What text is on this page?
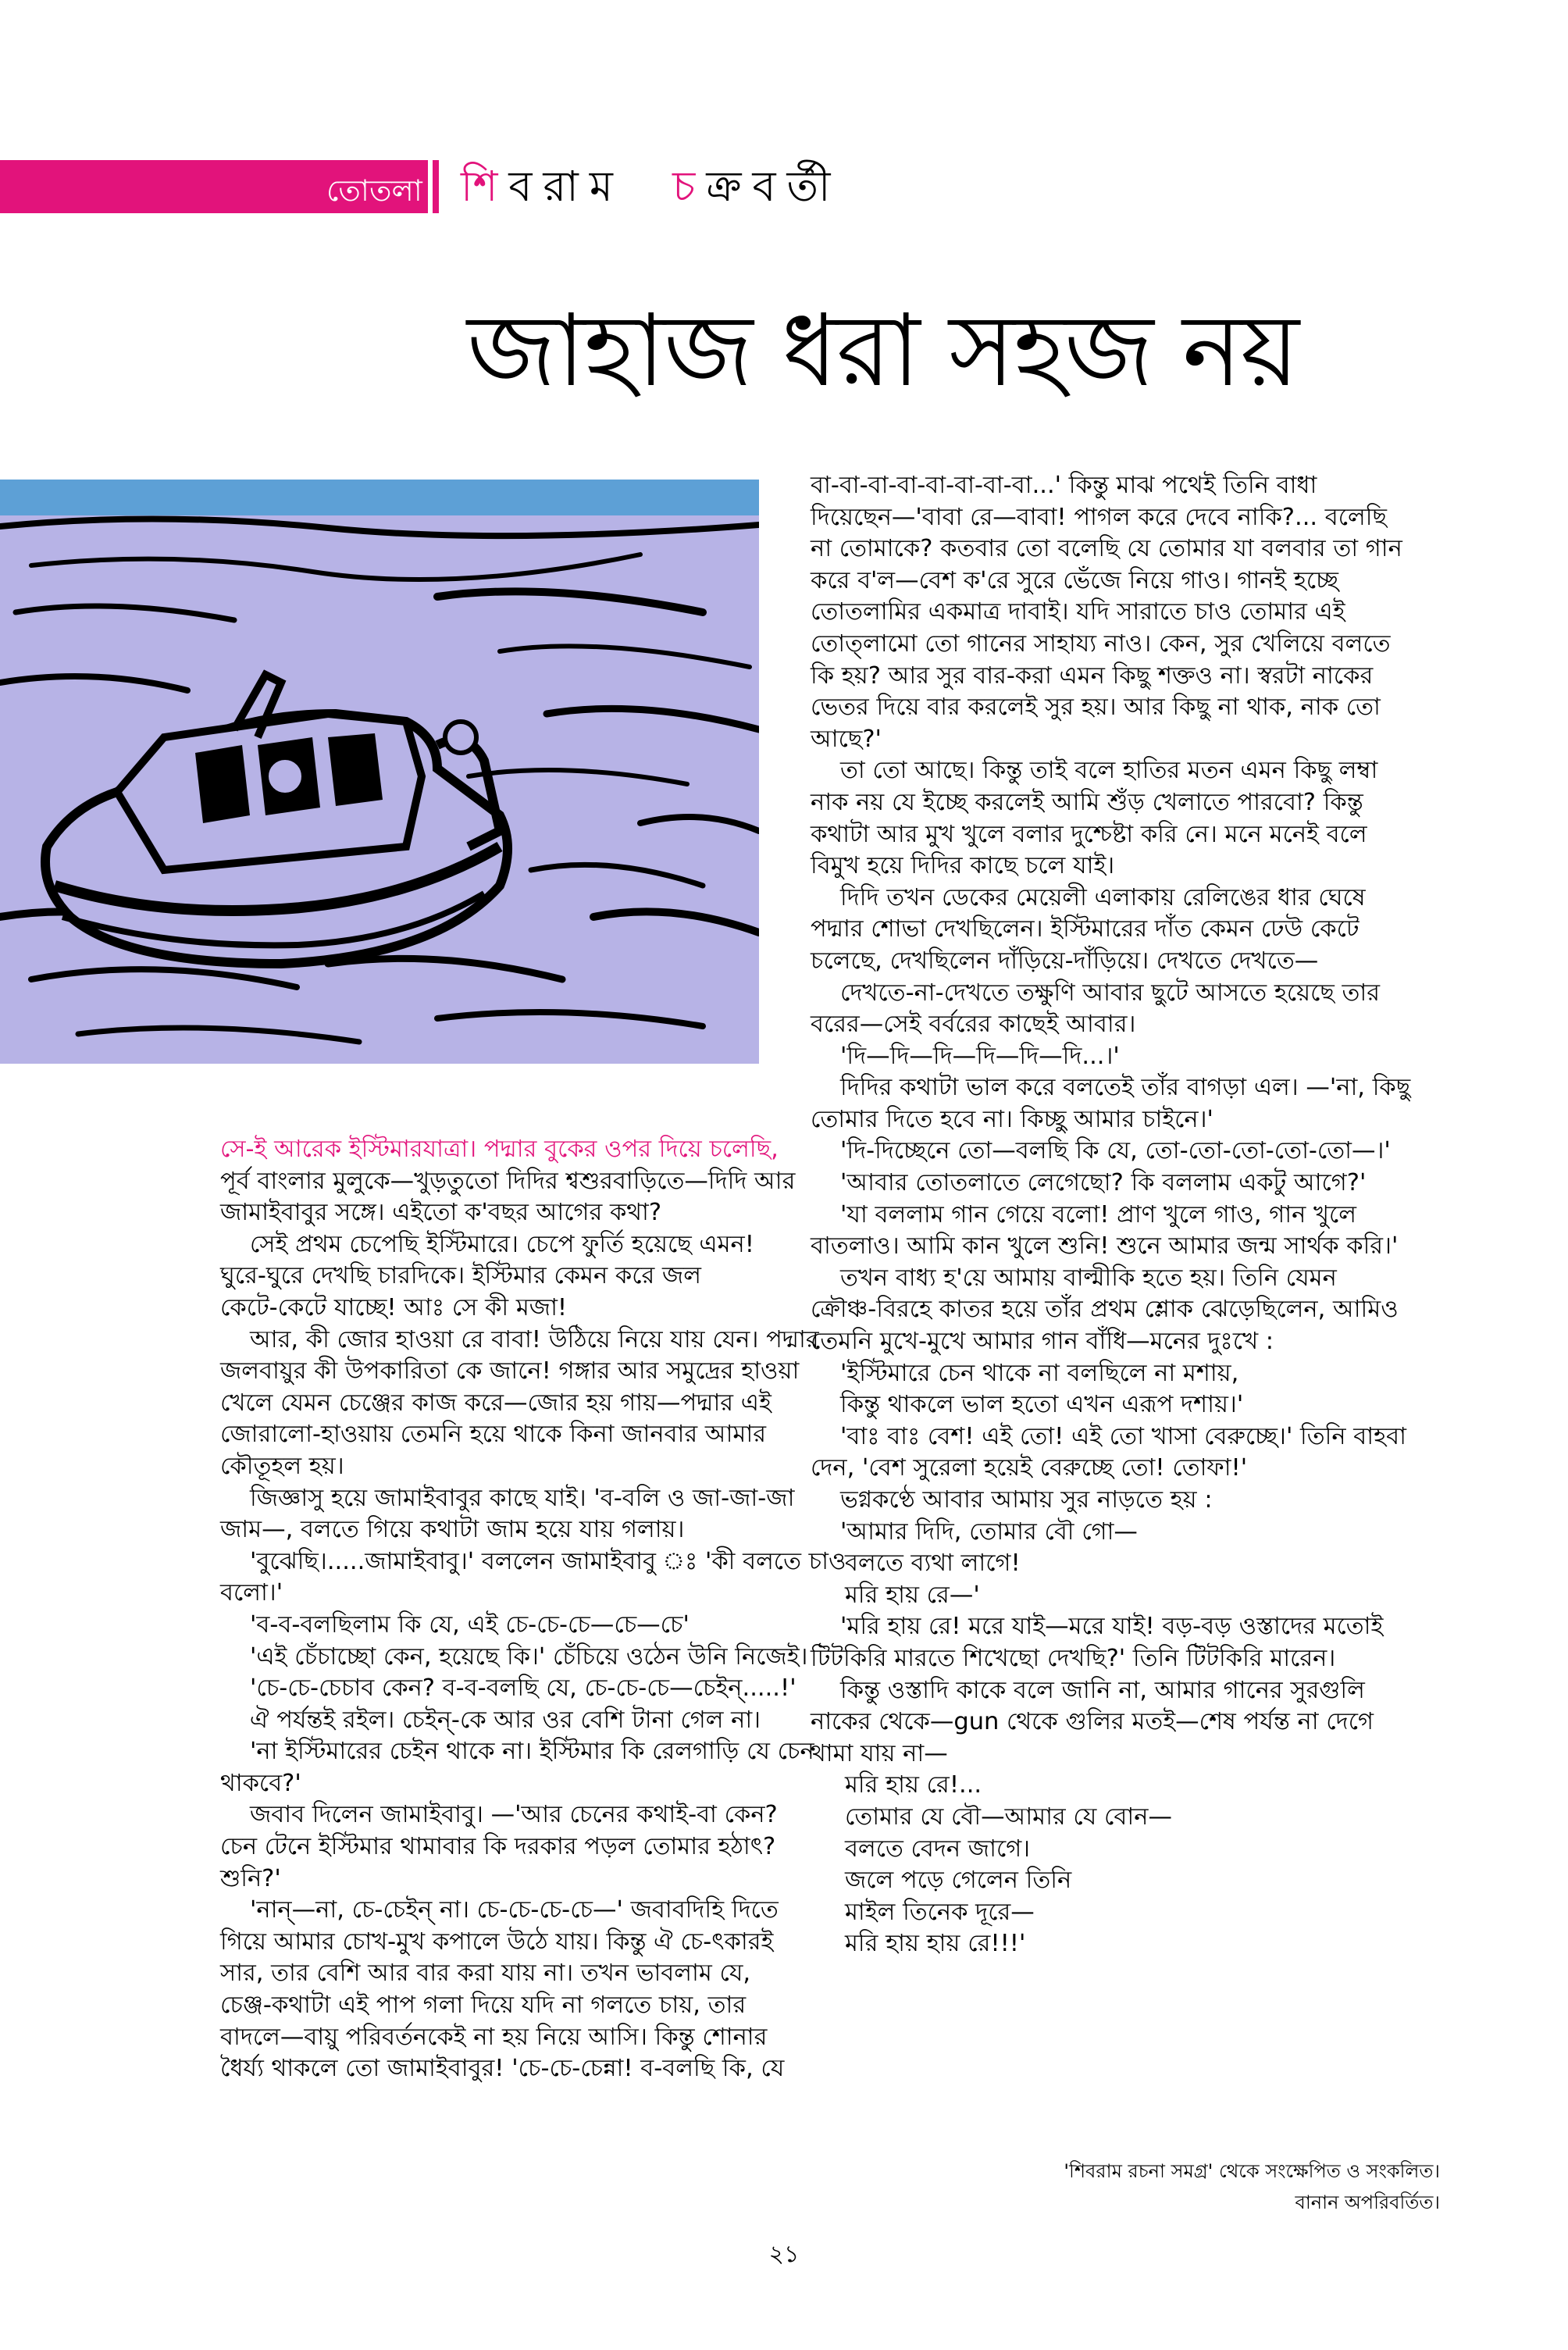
তোতলা শি বরাম
চ ক্রবর্তী
জাহাজ ধরা সহজ নয়

সে-ই আরেক ইস্টিমারযাত্রা। পদ্মার বুকের ওপর দিয়ে চলেছি,

পূর্ব বাংলার মুলুকে—খুড়তুতো দিদির শ্বশুরবাড়িতে—দিদি আর

জামাইবাবুর সঙ্গে। এইতো ক'বছর আগের কথা?

সেই প্রথম চেপেছি ইস্টিমারে। চেপে ফুর্তি হয়েছে এমন!

ঘুরে-ঘুরে দেখছি চারদিকে। ইস্টিমার কেমন করে জল

কেটে-কেটে যাচ্ছে! আঃ সে কী মজা!

আর, কী জোর হাওয়া রে বাবা! উঠিয়ে নিয়ে যায় যেন। পদ্মার

জলবায়ুর কী উপকারিতা কে জানে! গঙ্গার আর সমুদ্রের হাওয়া

খেলে যেমন চেঞ্জের কাজ করে—জোর হয় গায়—পদ্মার এই

জোরালো-হাওয়ায় তেমনি হয়ে থাকে কিনা জানবার আমার

কৌতূহল হয়।

জিজ্ঞাসু হয়ে জামাইবাবুর কাছে যাই। 'ব-বলি ও জা-জা-জা

জাম—, বলতে গিয়ে কথাটা জাম হয়ে যায় গলায়।

'বুঝেছি।.....জামাইবাবু।' বললেন জামাইবাবু ঃ 'কী বলতে চাও

বলো।'

'ব-ব-বলছিলাম কি যে, এই চে-চে-চে—চে—চে'

'এই চেঁচাচ্ছো কেন, হয়েছে কি।' চেঁচিয়ে ওঠেন উনি নিজেই।

'চে-চে-চেচাব কেন? ব-ব-বলছি যে, চে-চে-চে—চেইন্.....!'

ঐ পর্যন্তই রইল। চেইন্-কে আর ওর বেশি টানা গেল না।

'না ইস্টিমারের চেইন থাকে না। ইস্টিমার কি রেলগাড়ি যে চেন

থাকবে?'

জবাব দিলেন জামাইবাবু। —'আর চেনের কথাই-বা কেন?

চেন টেনে ইস্টিমার থামাবার কি দরকার পড়ল তোমার হঠাৎ?

শুনি?'

'নান্—না, চে-চেইন্ না। চে-চে-চে-চে—' জবাবদিহি দিতে

গিয়ে আমার চোখ-মুখ কপালে উঠে যায়। কিন্তু ঐ চে-ৎকারই

সার, তার বেশি আর বার করা যায় না। তখন ভাবলাম যে,

চেঞ্জ-কথাটা এই পাপ গলা দিয়ে যদি না গলতে চায়, তার

বাদলে—বায়ু পরিবর্তনকেই না হয় নিয়ে আসি। কিন্তু শোনার

ধৈর্য্য থাকলে তো জামাইবাবুর! 'চে-চে-চেন্না! ব-বলছি কি, যে

বা-বা-বা-বা-বা-বা-বা-বা...' কিন্তু মাঝ পথেই তিনি বাধা

দিয়েছেন—'বাবা রে—বাবা! পাগল করে দেবে নাকি?... বলেছি

না তোমাকে? কতবার তো বলেছি যে তোমার যা বলবার তা গান

করে ব'ল—বেশ ক'রে সুরে ভেঁজে নিয়ে গাও। গানই হচ্ছে

তোতলামির একমাত্র দাবাই। যদি সারাতে চাও তোমার এই

তোত্লামো তো গানের সাহায্য নাও। কেন, সুর খেলিয়ে বলতে

কি হয়? আর সুর বার-করা এমন কিছু শক্তও না। স্বরটা নাকের

ভেতর দিয়ে বার করলেই সুর হয়। আর কিছু না থাক, নাক তো

আছে?'

তা তো আছে। কিন্তু তাই বলে হাতির মতন এমন কিছু লম্বা

নাক নয় যে ইচ্ছে করলেই আমি শুঁড় খেলাতে পারবো? কিন্তু

কথাটা আর মুখ খুলে বলার দুশ্চেষ্টা করি নে। মনে মনেই বলে

বিমুখ হয়ে দিদির কাছে চলে যাই।

দিদি তখন ডেকের মেয়েলী এলাকায় রেলিঙের ধার ঘেষে

পদ্মার শোভা দেখছিলেন। ইস্টিমারের দাঁত কেমন ঢেউ কেটে

চলেছে, দেখছিলেন দাঁড়িয়ে-দাঁড়িয়ে। দেখতে দেখতে—

দেখতে-না-দেখতে তক্ষুণি আবার ছুটে আসতে হয়েছে তার

বরের—সেই বর্বরের কাছেই আবার।

'দি—দি—দি—দি—দি—দি...।'

দিদির কথাটা ভাল করে বলতেই তাঁর বাগড়া এল। —'না, কিছু

তোমার দিতে হবে না। কিচ্ছু আমার চাইনে।'

'দি-দিচ্ছেনে তো—বলছি কি যে, তো-তো-তো-তো-তো—।'

'আবার তোতলাতে লেগেছো? কি বললাম একটু আগে?'

'যা বললাম গান গেয়ে বলো! প্রাণ খুলে গাও, গান খুলে

বাতলাও। আমি কান খুলে শুনি! শুনে আমার জন্ম সার্থক করি।'

তখন বাধ্য হ'য়ে আমায় বাল্মীকি হতে হয়। তিনি যেমন

ক্রৌঞ্চ-বিরহে কাতর হয়ে তাঁর প্রথম শ্লোক ঝেড়েছিলেন, আমিও

তেমনি মুখে-মুখে আমার গান বাঁধি—মনের দুঃখে :

'ইস্টিমারে চেন থাকে না বলছিলে না মশায়,

কিন্তু থাকলে ভাল হতো এখন এরূপ দশায়।'

'বাঃ বাঃ বেশ! এই তো! এই তো খাসা বেরুচ্ছে।' তিনি বাহবা

দেন, 'বেশ সুরেলা হয়েই বেরুচ্ছে তো! তোফা!'

ভগ্নকণ্ঠে আবার আমায় সুর নাড়তে হয় :

'আমার দিদি, তোমার বৌ গো—

বলতে ব্যথা লাগে!

মরি হায় রে—'

'মরি হায় রে! মরে যাই—মরে যাই! বড়-বড় ওস্তাদের মতোই

টিটকিরি মারতে শিখেছো দেখছি?' তিনি টিটকিরি মারেন।

কিন্তু ওস্তাদি কাকে বলে জানি না, আমার গানের সুরগুলি

নাকের থেকে—gun থেকে গুলির মতই—শেষ পর্যন্ত না দেগে

থামা যায় না—

মরি হায় রে!...

তোমার যে বৌ—আমার যে বোন—

বলতে বেদন জাগে।

জলে পড়ে গেলেন তিনি

মাইল তিনেক দূরে—

মরি হায় হায় রে!!!'

'শিবরাম রচনা সমগ্র' থেকে সংক্ষেপিত ও সংকলিত।

বানান অপরিবর্তিত।

২১
